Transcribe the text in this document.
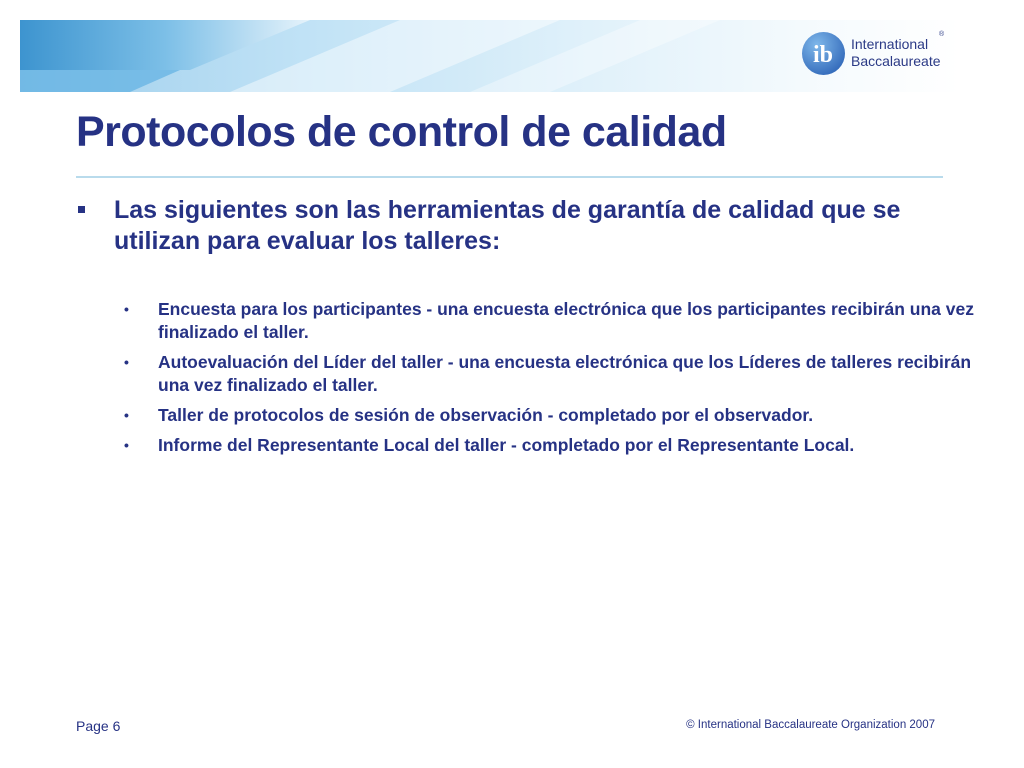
ib International
Baccalaureate
®
Protocolos de control de calidad

Las siguientes son las herramientas de garantía de calidad que se utilizan para evaluar los talleres:

• Encuesta para los participantes - una encuesta electrónica que los participantes recibirán una vez finalizado el taller.
• Autoevaluación del Líder del taller - una encuesta electrónica que los Líderes de talleres recibirán una vez finalizado el taller.
• Taller de protocolos de sesión de observación - completado por el observador.
• Informe del Representante Local del taller - completado por el Representante Local.
Page 6	© International Baccalaureate Organization 2007
